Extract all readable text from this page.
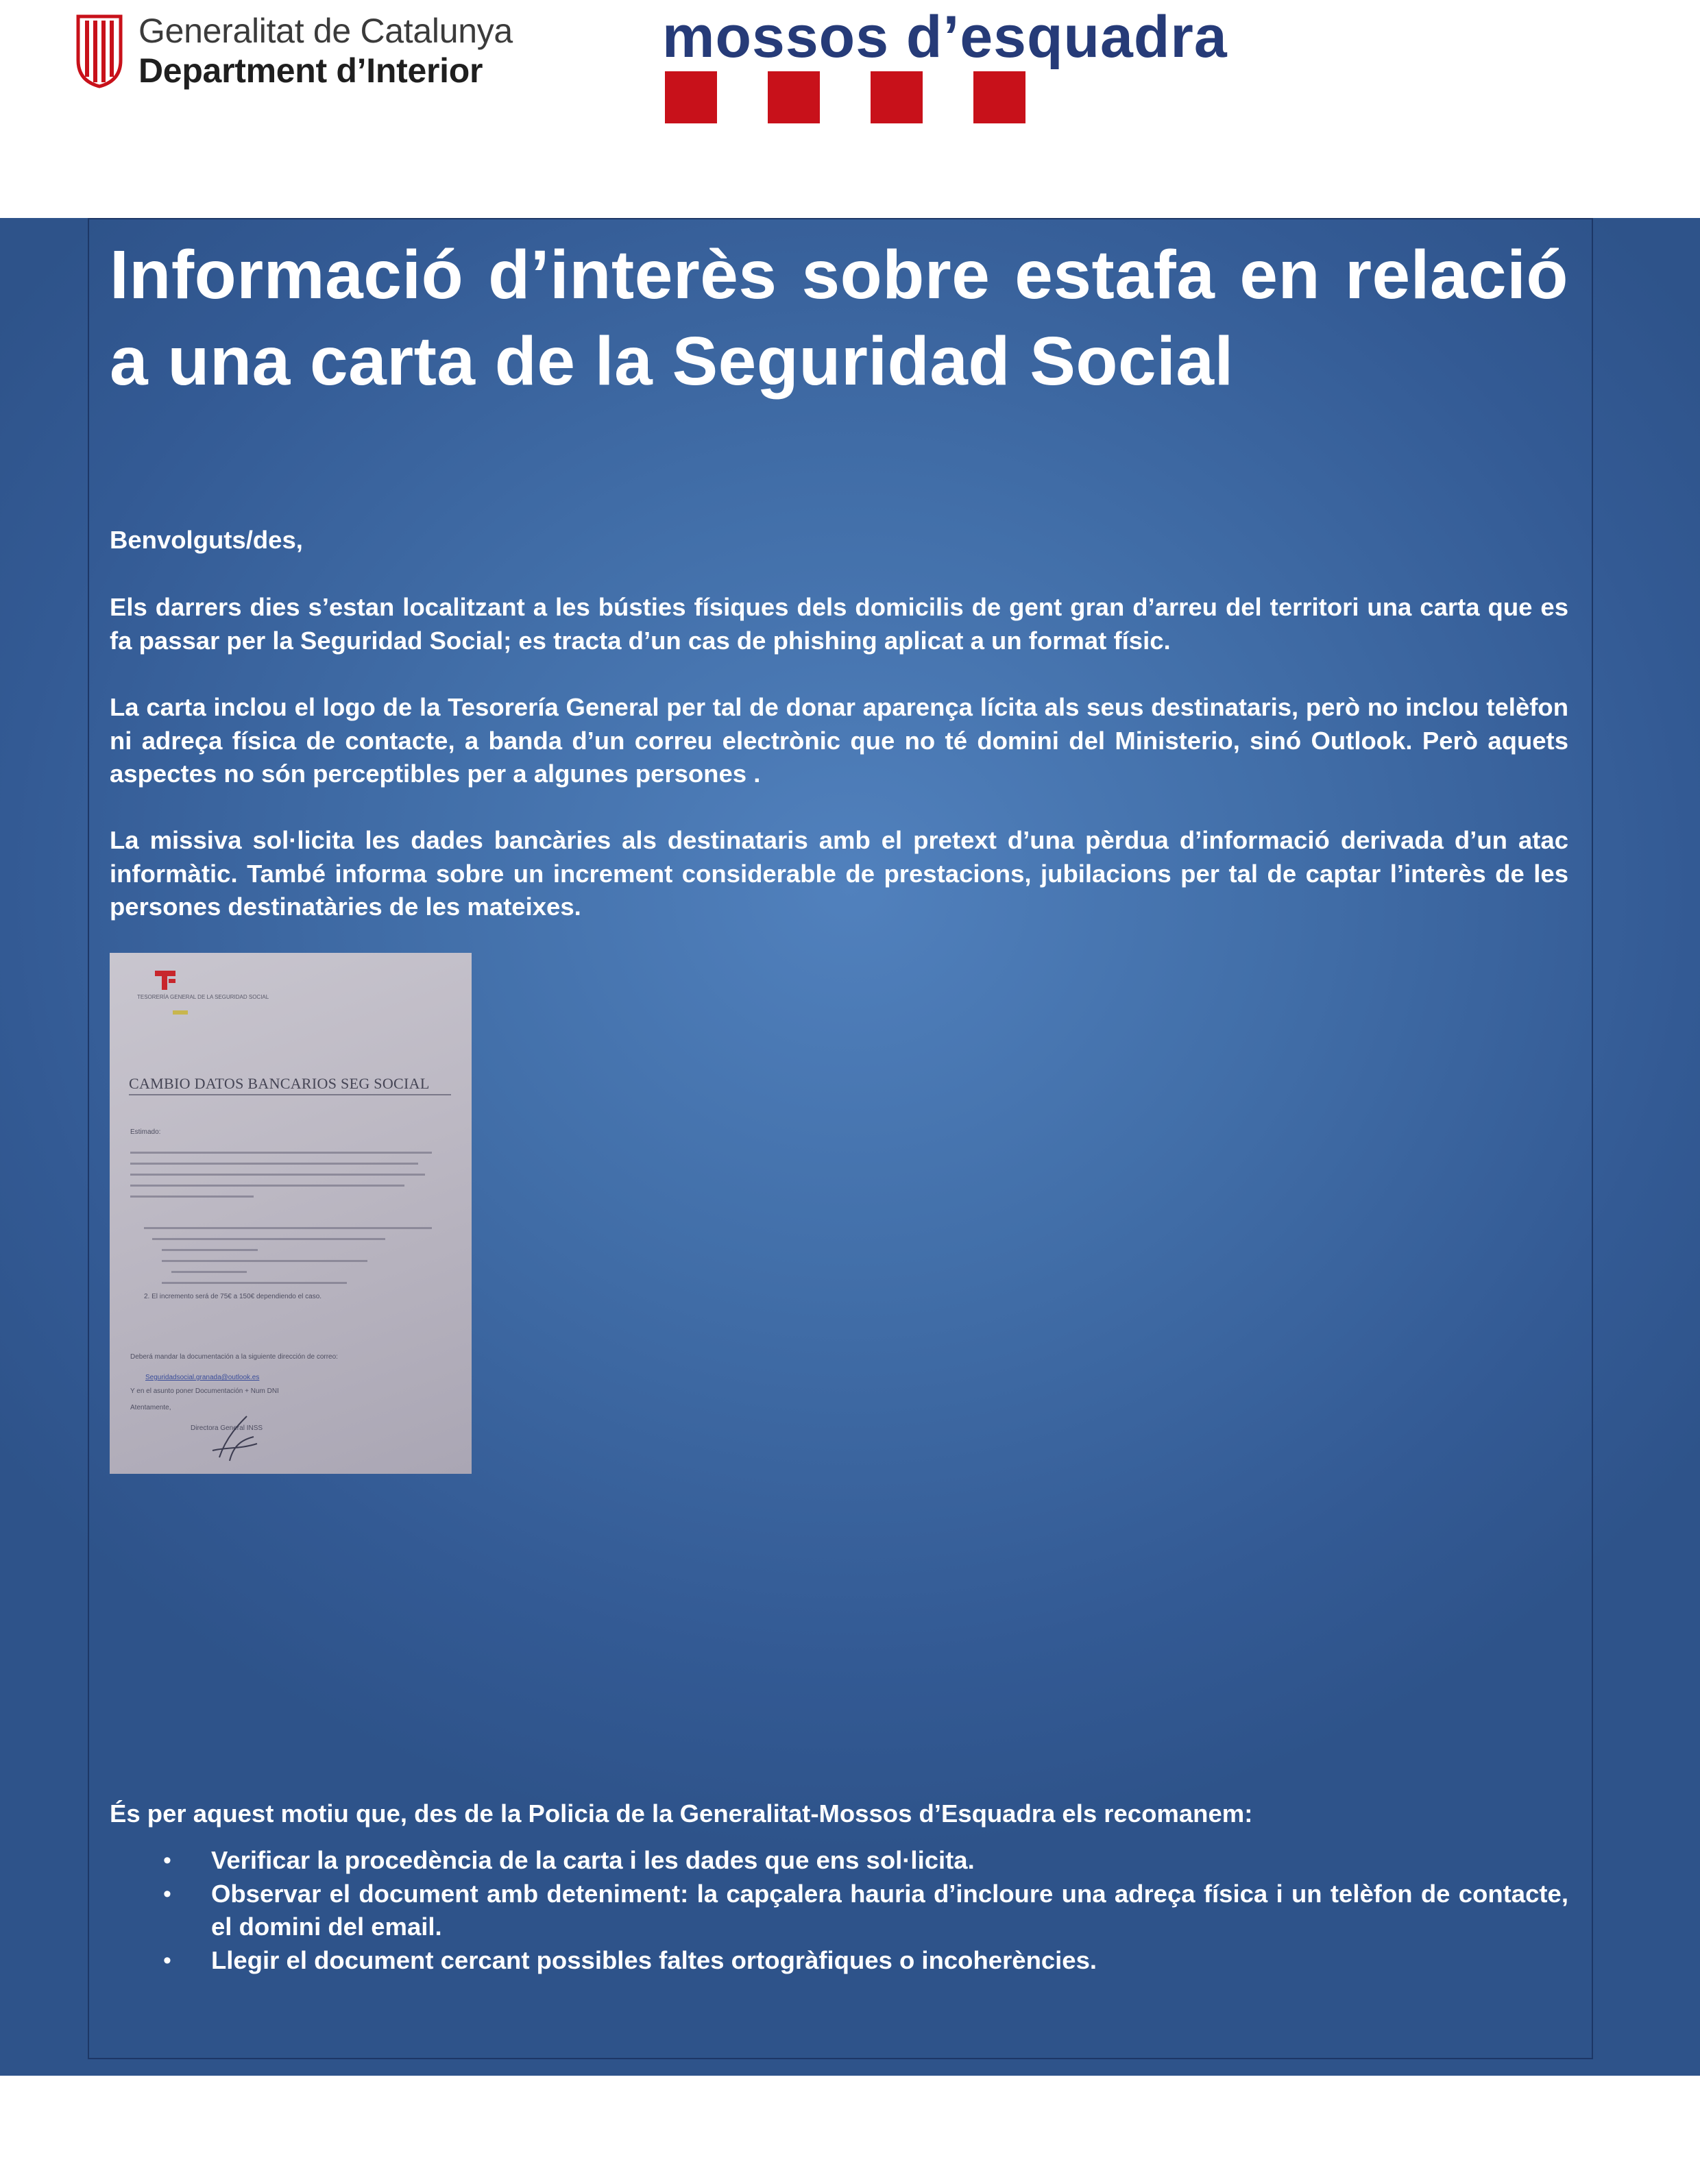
Generalitat de Catalunya
Department d’Interior
mossos d’esquadra
Informació d’interès sobre estafa en relació a una carta de la Seguridad Social
Benvolguts/des,
Els darrers dies s’estan localitzant a les bústies físiques dels domicilis de gent gran d’arreu del territori una carta que es fa passar per la Seguridad Social; es tracta d’un cas de phishing aplicat a un format físic.
La carta inclou el logo de la Tesorería General per tal de donar aparença lícita als seus destinataris, però no inclou telèfon ni adreça física de contacte, a banda d’un correu electrònic que no té domini del Ministerio, sinó Outlook. Però aquets aspectes no són perceptibles per a algunes persones .
La missiva sol·licita les dades bancàries als destinataris amb el pretext d’una pèrdua d’informació derivada d’un atac informàtic. També informa sobre un increment considerable de prestacions, jubilacions per tal de captar l’interès de les persones destinatàries de les mateixes.
TESORERÍA GENERAL DE LA SEGURIDAD SOCIAL
CAMBIO DATOS BANCARIOS SEG SOCIAL
Estimado:
2. El incremento será de 75€ a 150€ dependiendo el caso.
Deberá mandar la documentación a la siguiente dirección de correo:
Seguridadsocial.granada@outlook.es
Y en el asunto poner Documentación + Num DNI
Atentamente,
Directora General INSS
És per aquest motiu que, des de la Policia de la Generalitat-Mossos d’Esquadra els recomanem:
• Verificar la procedència de la carta i les dades que ens sol·licita.
• Observar el document amb deteniment: la capçalera hauria d’incloure una adreça física i un telèfon de contacte, el domini del email.
• Llegir el document cercant possibles faltes ortogràfiques o incoherències.
Si sou víctimes d'un delicte, aviseu immediatament els Mossos d'Esquadra al telèfon 112.
Octubre, 2021
